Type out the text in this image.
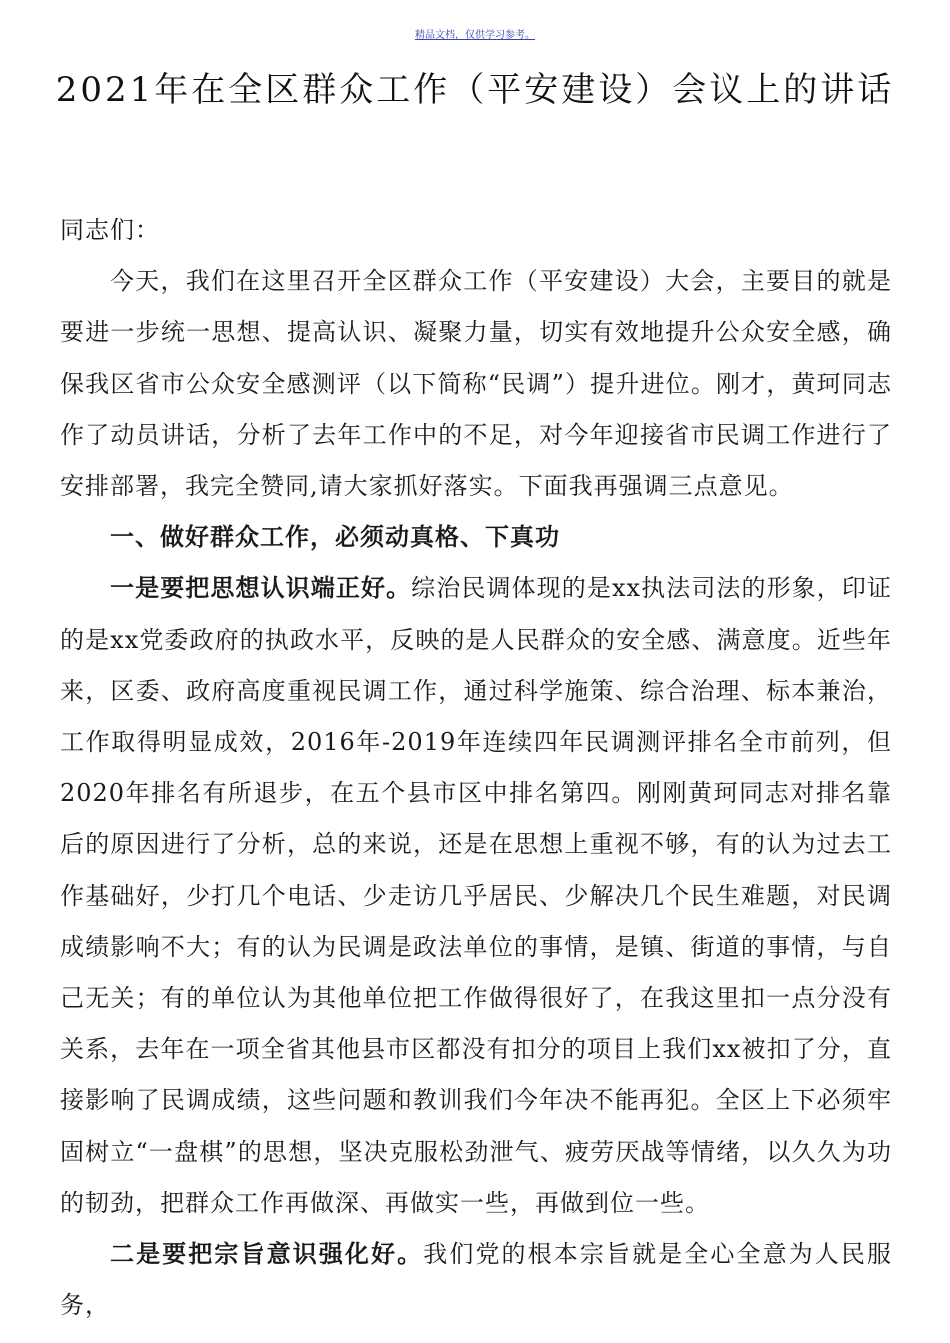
精品文档，仅供学习参考。
2021年在全区群众工作（平安建设）会议上的讲话

同志们：

今天，我们在这里召开全区群众工作（平安建设）大会，主要目的就是要进一步统一思想、提高认识、凝聚力量，切实有效地提升公众安全感，确保我区省市公众安全感测评（以下简称“民调”）提升进位。刚才，黄珂同志作了动员讲话，分析了去年工作中的不足，对今年迎接省市民调工作进行了安排部署，我完全赞同,请大家抓好落实。下面我再强调三点意见。

一、做好群众工作，必须动真格、下真功

一是要把思想认识端正好。综治民调体现的是xx执法司法的形象，印证的是xx党委政府的执政水平，反映的是人民群众的安全感、满意度。近些年来，区委、政府高度重视民调工作，通过科学施策、综合治理、标本兼治，工作取得明显成效，2016年-2019年连续四年民调测评排名全市前列，但2020年排名有所退步，在五个县市区中排名第四。刚刚黄珂同志对排名靠后的原因进行了分析，总的来说，还是在思想上重视不够，有的认为过去工作基础好，少打几个电话、少走访几乎居民、少解决几个民生难题，对民调成绩影响不大；有的认为民调是政法单位的事情，是镇、街道的事情，与自己无关；有的单位认为其他单位把工作做得很好了，在我这里扣一点分没有关系，去年在一项全省其他县市区都没有扣分的项目上我们xx被扣了分，直接影响了民调成绩，这些问题和教训我们今年决不能再犯。全区上下必须牢固树立“一盘棋”的思想，坚决克服松劲泄气、疲劳厌战等情绪，以久久为功的韧劲，把群众工作再做深、再做实一些，再做到位一些。

二是要把宗旨意识强化好。我们党的根本宗旨就是全心全意为人民服务，
